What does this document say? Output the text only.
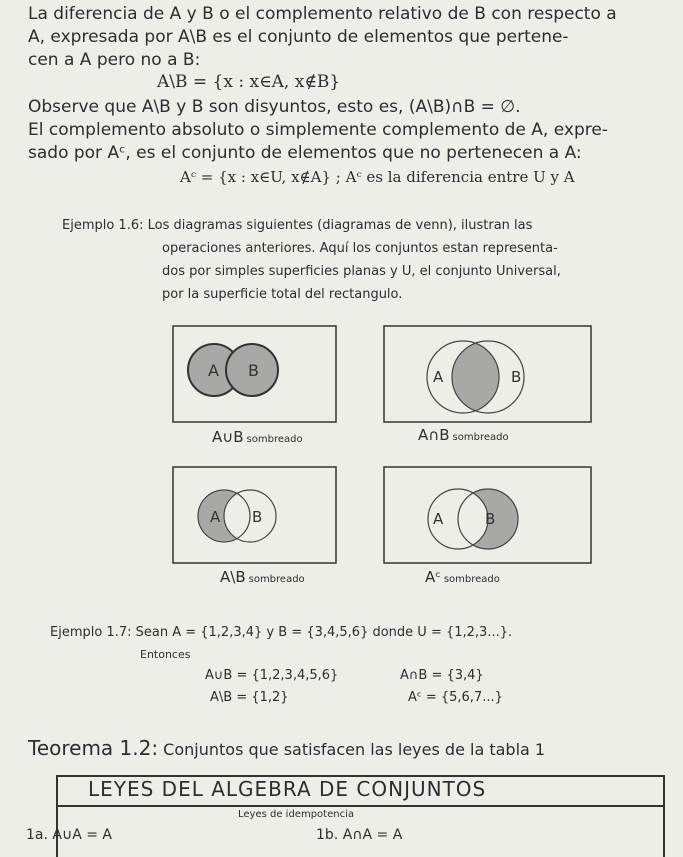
La diferencia de A y B o el complemento relativo de B con respecto a
A, expresada por A\B es el conjunto de elementos que pertene-
cen a A pero no a B:
A\B = {x : x∈A, x∉B}
Observe que A\B y B son disyuntos, esto es, (A\B)∩B = ∅.
El complemento absoluto o simplemente complemento de A, expre-
sado por Aᶜ, es el conjunto de elementos que no pertenecen a A:
Aᶜ = {x : x∈U, x∉A} ; Aᶜ es la diferencia entre U y A
Ejemplo 1.6: Los diagramas siguientes (diagramas de venn), ilustran las
operaciones anteriores. Aquí los conjuntos estan representa-
dos por simples superficies planas y U, el conjunto Universal,
por la superficie total del rectangulo.
A B
A∪B sombreado
A	B
A∩B sombreado
A B
A\B sombreado
A	B
Aᶜ sombreado
Ejemplo 1.7: Sean A = {1,2,3,4} y B = {3,4,5,6} donde U = {1,2,3...}.
Entonces
A∪B = {1,2,3,4,5,6}	A∩B = {3,4}
A\B = {1,2}	Aᶜ = {5,6,7...}
Teorema 1.2: Conjuntos que satisfacen las leyes de la tabla 1
LEYES DEL ALGEBRA DE CONJUNTOS
Leyes de idempotencia
1a. A∪A = A	1b. A∩A = A
